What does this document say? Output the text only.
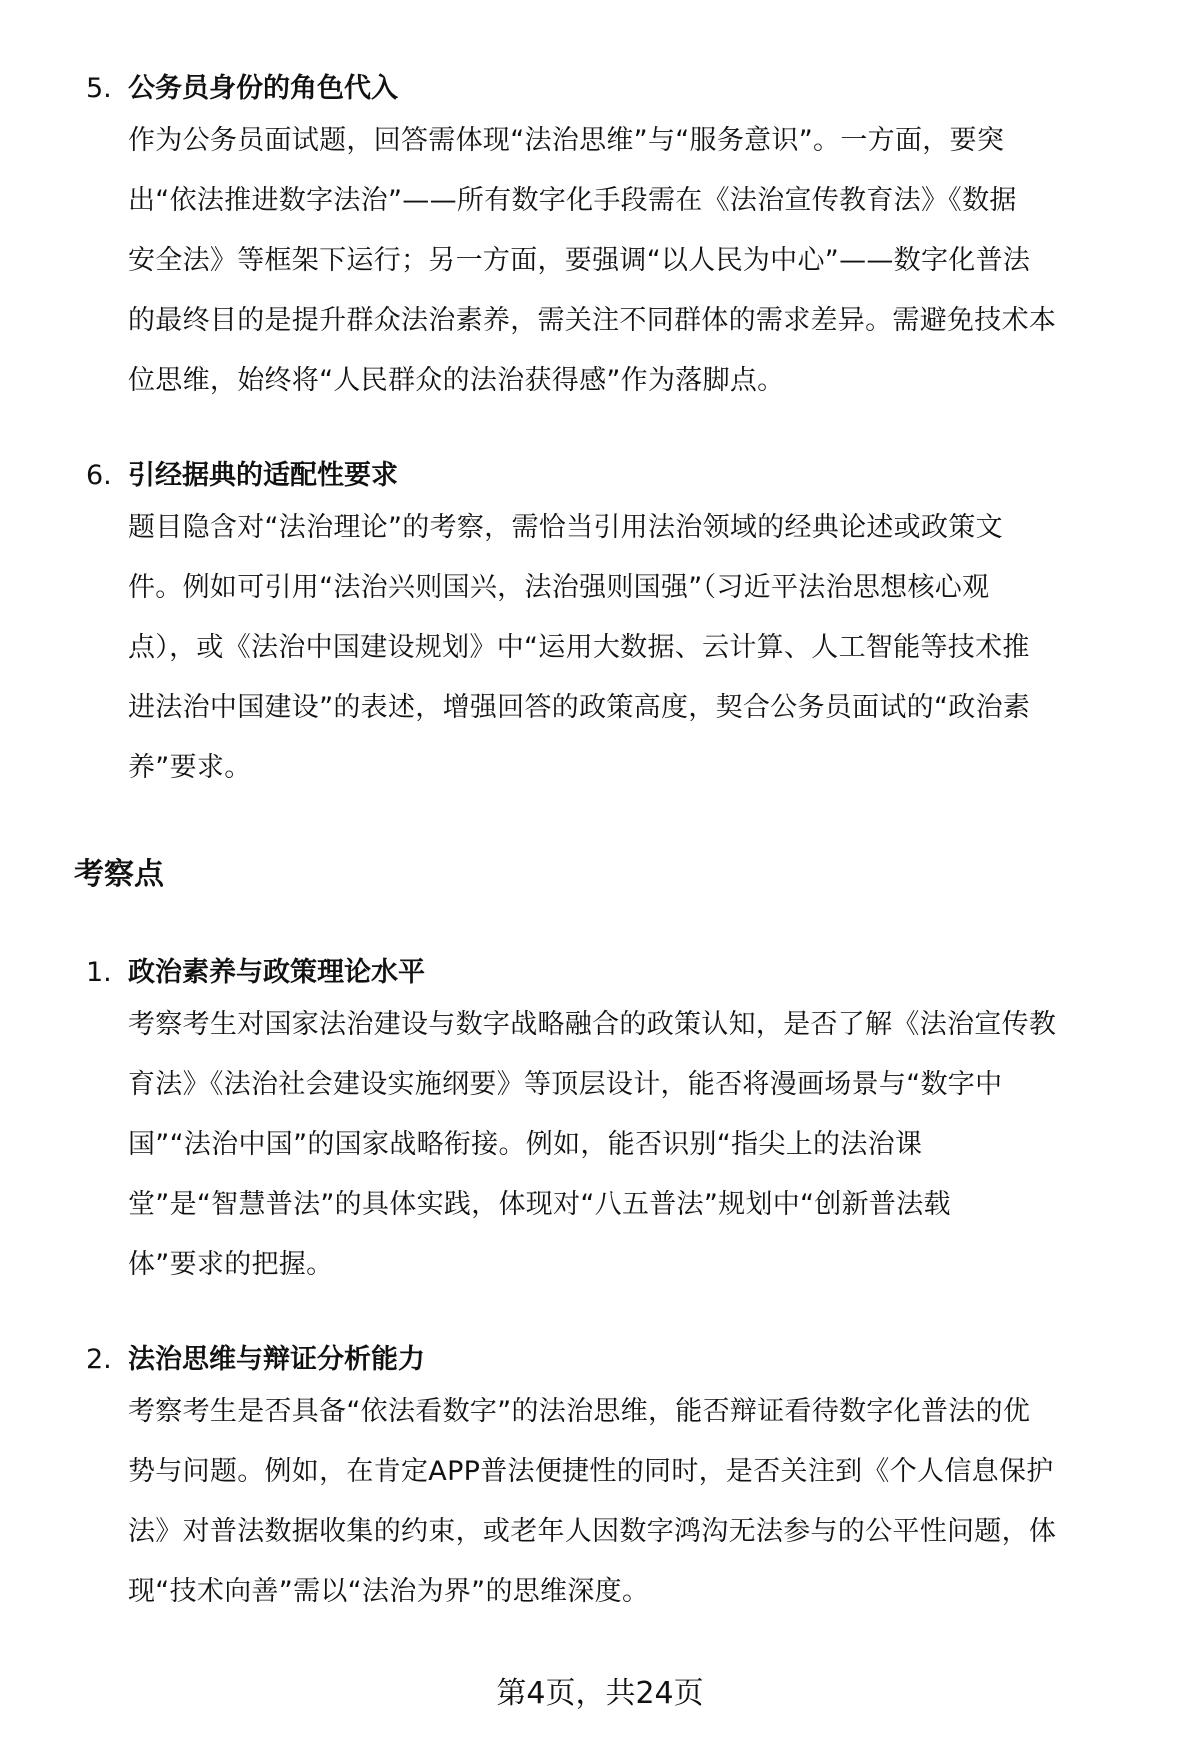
5. 公务员身份的角色代入
作为公务员面试题，回答需体现“法治思维”与“服务意识”。一方面，要突
出“依法推进数字法治”——所有数字化手段需在《法治宣传教育法》《数据
安全法》等框架下运行；另一方面，要强调“以人民为中心”——数字化普法
的最终目的是提升群众法治素养，需关注不同群体的需求差异。需避免技术本
位思维，始终将“人民群众的法治获得感”作为落脚点。
6. 引经据典的适配性要求
题目隐含对“法治理论”的考察，需恰当引用法治领域的经典论述或政策文
件。例如可引用“法治兴则国兴，法治强则国强”（习近平法治思想核心观
点），或《法治中国建设规划》中“运用大数据、云计算、人工智能等技术推
进法治中国建设”的表述，增强回答的政策高度，契合公务员面试的“政治素
养”要求。
考察点
1. 政治素养与政策理论水平
考察考生对国家法治建设与数字战略融合的政策认知，是否了解《法治宣传教
育法》《法治社会建设实施纲要》等顶层设计，能否将漫画场景与“数字中
国”“法治中国”的国家战略衔接。例如，能否识别“指尖上的法治课
堂”是“智慧普法”的具体实践，体现对“八五普法”规划中“创新普法载
体”要求的把握。
2. 法治思维与辩证分析能力
考察考生是否具备“依法看数字”的法治思维，能否辩证看待数字化普法的优
势与问题。例如，在肯定APP普法便捷性的同时，是否关注到《个人信息保护
法》对普法数据收集的约束，或老年人因数字鸿沟无法参与的公平性问题，体
现“技术向善”需以“法治为界”的思维深度。
第4页，共24页
